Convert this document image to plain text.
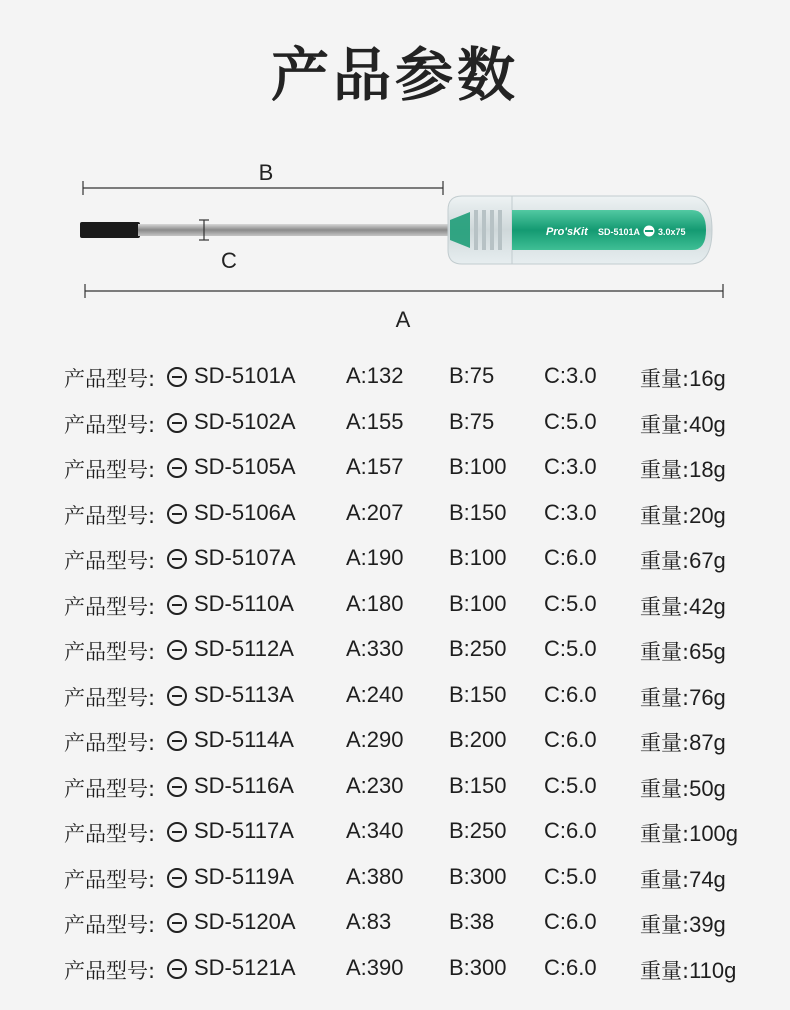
产品参数
B
C
Pro'sKit SD-5101A 3.0x75
A
产品型号: SD-5101A A:132 B:75 C:3.0 重量:16g
产品型号: SD-5102A A:155 B:75 C:5.0 重量:40g
产品型号: SD-5105A A:157 B:100 C:3.0 重量:18g
产品型号: SD-5106A A:207 B:150 C:3.0 重量:20g
产品型号: SD-5107A A:190 B:100 C:6.0 重量:67g
产品型号: SD-5110A A:180 B:100 C:5.0 重量:42g
产品型号: SD-5112A A:330 B:250 C:5.0 重量:65g
产品型号: SD-5113A A:240 B:150 C:6.0 重量:76g
产品型号: SD-5114A A:290 B:200 C:6.0 重量:87g
产品型号: SD-5116A A:230 B:150 C:5.0 重量:50g
产品型号: SD-5117A A:340 B:250 C:6.0 重量:100g
产品型号: SD-5119A A:380 B:300 C:5.0 重量:74g
产品型号: SD-5120A A:83	B:38 C:6.0 重量:39g
产品型号: SD-5121A A:390 B:300 C:6.0 重量:110g
